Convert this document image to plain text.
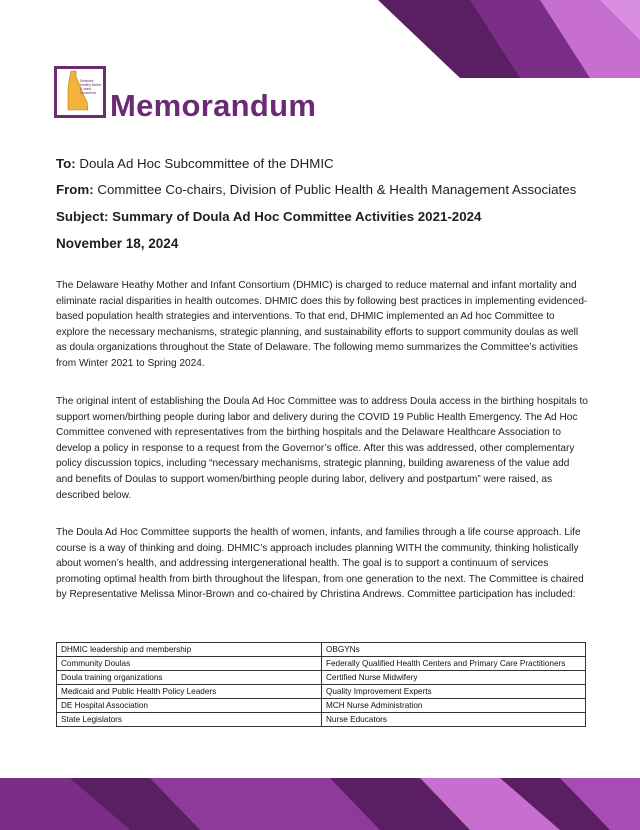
Delaware Healthy Mother & Infant Consortium Memorandum
To: Doula Ad Hoc Subcommittee of the DHMIC
From: Committee Co-chairs, Division of Public Health & Health Management Associates
Subject: Summary of Doula Ad Hoc Committee Activities 2021-2024
November 18, 2024

The Delaware Heathy Mother and Infant Consortium (DHMIC) is charged to reduce maternal and infant mortality and eliminate racial disparities in health outcomes. DHMIC does this by following best practices in implementing evidenced-based population health strategies and interventions. To that end, DHMIC implemented an Ad hoc Committee to explore the necessary mechanisms, strategic planning, and sustainability efforts to support community doulas as well as doula organizations throughout the State of Delaware. The following memo summarizes the Committee’s activities from Winter 2021 to Spring 2024.

The original intent of establishing the Doula Ad Hoc Committee was to address Doula access in the birthing hospitals to support women/birthing people during labor and delivery during the COVID 19 Public Health Emergency. The Ad Hoc Committee convened with representatives from the birthing hospitals and the Delaware Healthcare Association to develop a policy in response to a request from the Governor’s office. After this was addressed, other complementary policy discussion topics, including “necessary mechanisms, strategic planning, building awareness of the value add and benefits of Doulas to support women/birthing people during labor, delivery and postpartum” were raised, as described below.

The Doula Ad Hoc Committee supports the health of women, infants, and families through a life course approach. Life course is a way of thinking and doing. DHMIC’s approach includes planning WITH the community, thinking holistically about women’s health, and addressing intergenerational health. The goal is to support a continuum of services promoting optimal health from birth throughout the lifespan, from one generation to the next. The Committee is chaired by Representative Melissa Minor-Brown and co-chaired by Christina Andrews. Committee participation has included:

DHMIC leadership and membership	OBGYNs
Community Doulas	Federally Qualified Health Centers and Primary Care Practitioners
Doula training organizations	Certified Nurse Midwifery
Medicaid and Public Health Policy Leaders	Quality Improvement Experts
DE Hospital Association	MCH Nurse Administration
State Legislators	Nurse Educators
